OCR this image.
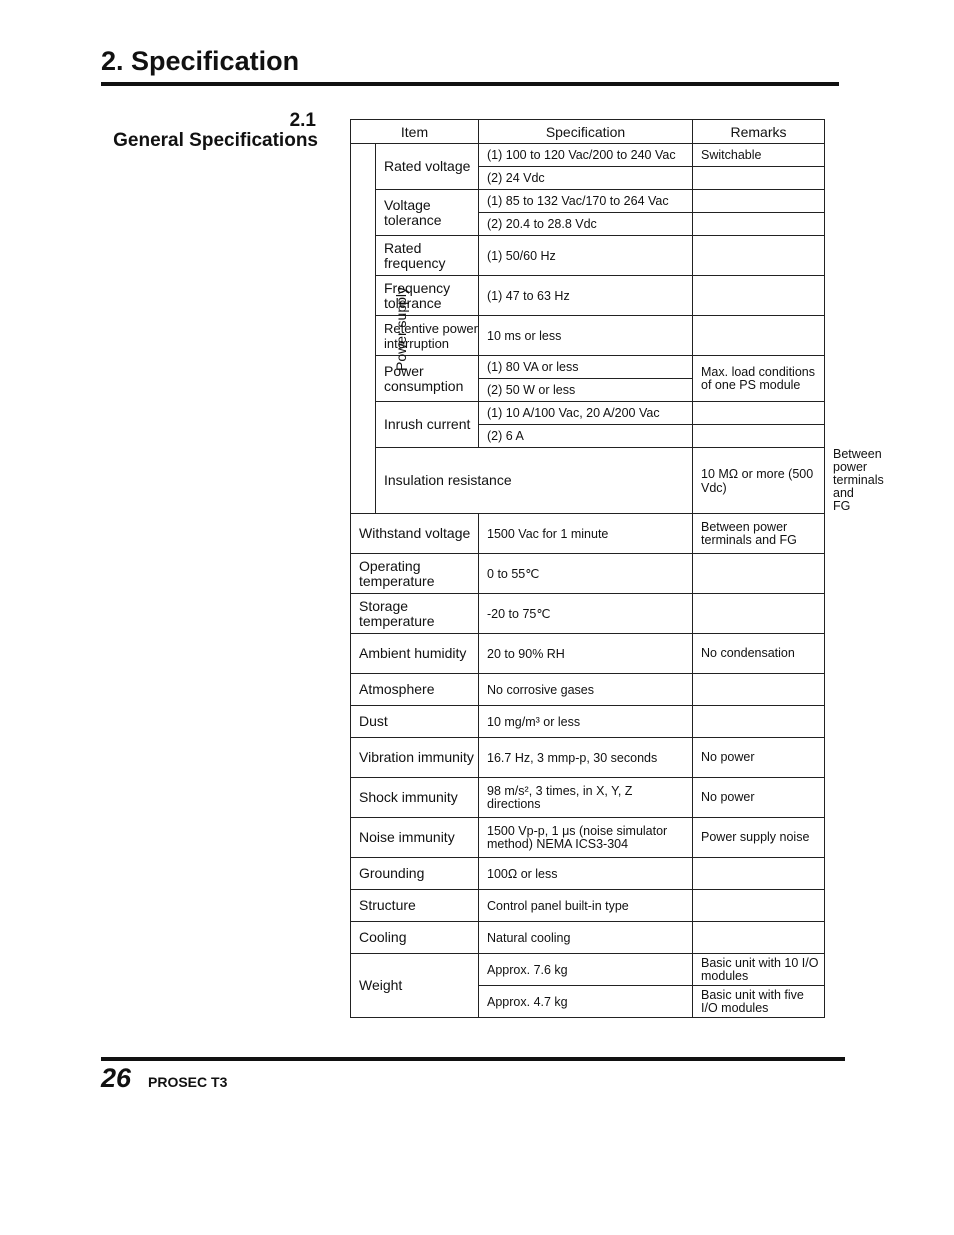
2. Specification
2.1
General Specifications	Item		Specification	Remarks	
Power supply	Rated voltage	(1) 100 to 120 Vac/200 to 240 Vac	Switchable	
		(2) 24 Vdc		
	Voltage tolerance	(1) 85 to 132 Vac/170 to 264 Vac		
		(2) 20.4 to 28.8 Vdc		
	Rated frequency	(1) 50/60 Hz		
	Frequency tolerance	(1) 47 to 63 Hz		
	Retentive power interruption	10 ms or less		
	Power consumption	(1) 80 VA or less	Max. load conditions of one PS module	
		(2) 50 W or less		
	Inrush current	(1) 10 A/100 Vac, 20 A/200 Vac		
		(2) 6 A		
	Insulation resistance		10 MΩ or more (500 Vdc)	Between power terminals and FG
Withstand voltage		1500 Vac for 1 minute	Between power terminals and FG	
Operating temperature		0 to 55℃		
Storage temperature		-20 to 75℃		
Ambient humidity		20 to 90% RH	No condensation	
Atmosphere		No corrosive gases		
Dust		10 mg/m³ or less		
Vibration immunity		16.7 Hz, 3 mmp-p, 30 seconds	No power	
Shock immunity		98 m/s², 3 times, in X, Y, Z directions	No power	
Noise immunity		1500 Vp-p, 1 μs (noise simulator method) NEMA ICS3-304	Power supply noise	
Grounding		100Ω or less		
Structure		Control panel built-in type		
Cooling		Natural cooling		
Weight		Approx. 7.6 kg	Basic unit with 10 I/O modules	
		Approx. 4.7 kg	Basic unit with five I/O modules	
26 PROSEC T3
